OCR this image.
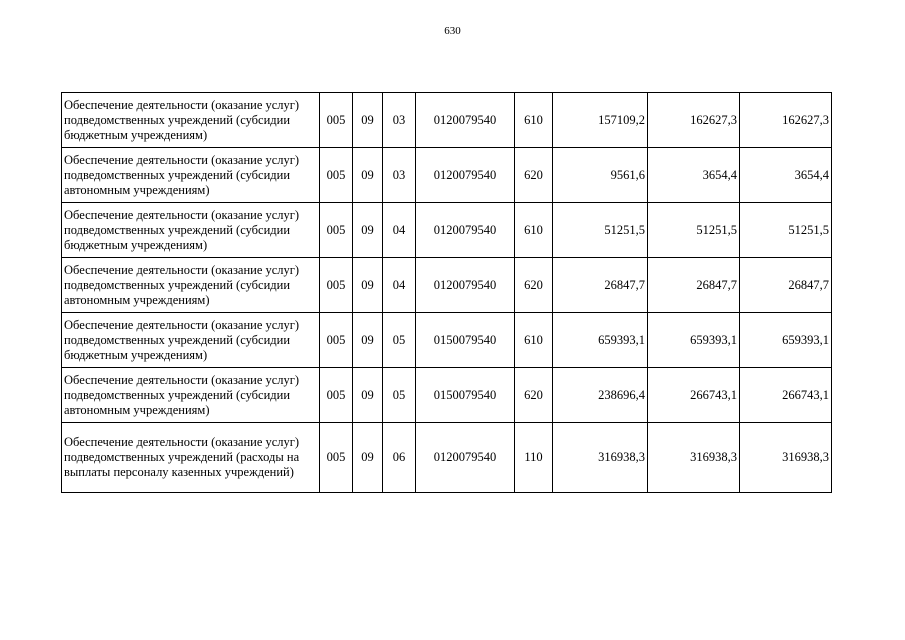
630
Обеспечение деятельности (оказание услуг) подведомственных учреждений (субсидии бюджетным учреждениям)	005	09	03	0120079540	610	157109,2	162627,3	162627,3
Обеспечение деятельности (оказание услуг) подведомственных учреждений (субсидии автономным учреждениям)	005	09	03	0120079540	620	9561,6	3654,4	3654,4
Обеспечение деятельности (оказание услуг) подведомственных учреждений (субсидии бюджетным учреждениям)	005	09	04	0120079540	610	51251,5	51251,5	51251,5
Обеспечение деятельности (оказание услуг) подведомственных учреждений (субсидии автономным учреждениям)	005	09	04	0120079540	620	26847,7	26847,7	26847,7
Обеспечение деятельности (оказание услуг) подведомственных учреждений (субсидии бюджетным учреждениям)	005	09	05	0150079540	610	659393,1	659393,1	659393,1
Обеспечение деятельности (оказание услуг) подведомственных учреждений (субсидии автономным учреждениям)	005	09	05	0150079540	620	238696,4	266743,1	266743,1
Обеспечение деятельности (оказание услуг) подведомственных учреждений (расходы на выплаты персоналу казенных учреждений)	005	09	06	0120079540	110	316938,3	316938,3	316938,3
